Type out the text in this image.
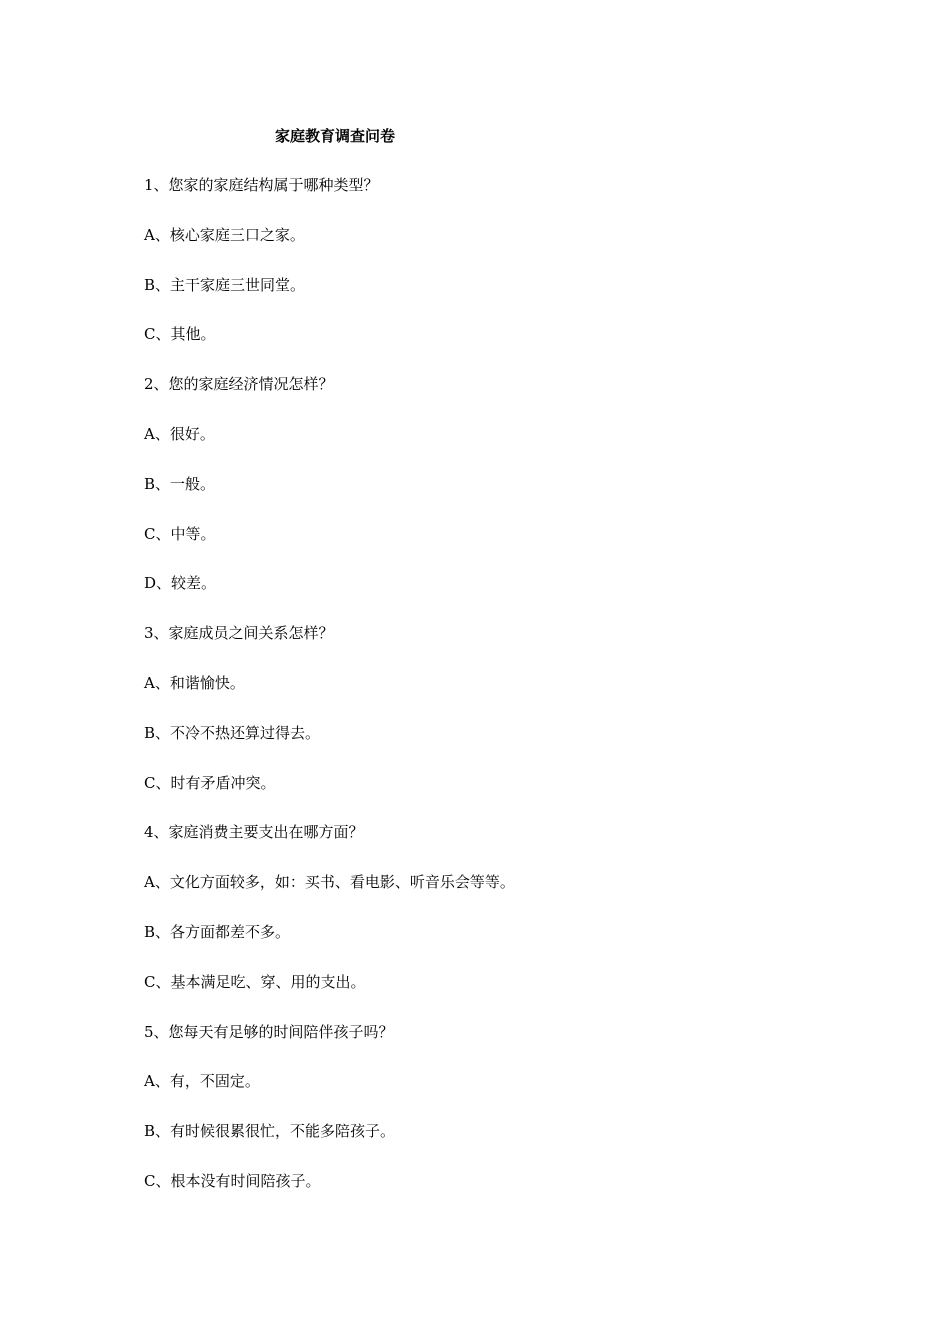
家庭教育调查问卷
1、您家的家庭结构属于哪种类型？
A、核心家庭三口之家。
B、主干家庭三世同堂。
C、其他。
2、您的家庭经济情况怎样？
A、很好。
B、一般。
C、中等。
D、较差。
3、家庭成员之间关系怎样？
A、和谐愉快。
B、不冷不热还算过得去。
C、时有矛盾冲突。
4、家庭消费主要支出在哪方面？
A、文化方面较多，如：买书、看电影、听音乐会等等。
B、各方面都差不多。
C、基本满足吃、穿、用的支出。
5、您每天有足够的时间陪伴孩子吗？
A、有，不固定。
B、有时候很累很忙，不能多陪孩子。
C、根本没有时间陪孩子。
